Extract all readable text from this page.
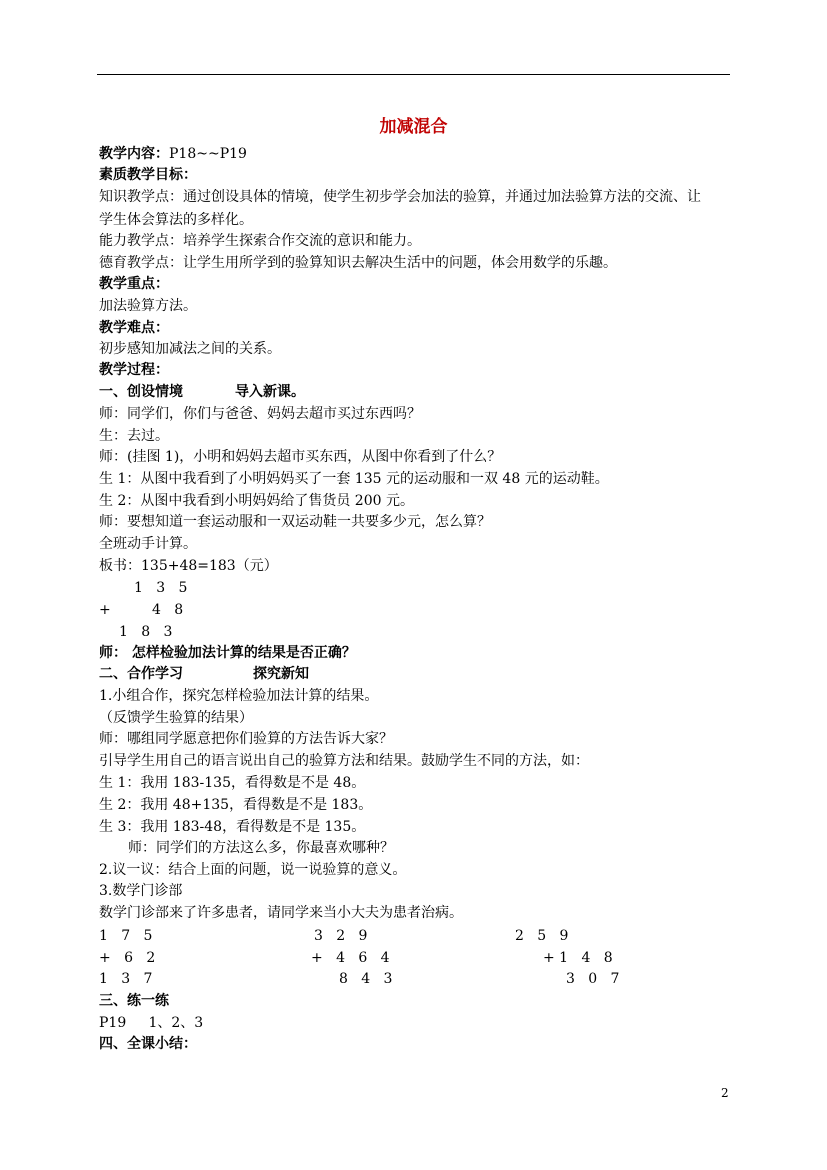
加减混合
教学内容：P18~~P19
素质教学目标：
知识教学点：通过创设具体的情境，使学生初步学会加法的验算，并通过加法验算方法的交流、让
学生体会算法的多样化。
能力教学点：培养学生探索合作交流的意识和能力。
德育教学点：让学生用所学到的验算知识去解决生活中的问题，体会用数学的乐趣。
教学重点：
加法验算方法。
教学难点：
初步感知加减法之间的关系。
教学过程：
一、创设情境	导入新课。
师：同学们，你们与爸爸、妈妈去超市买过东西吗？
生：去过。
师：(挂图 1)，小明和妈妈去超市买东西，从图中你看到了什么？
生 1：从图中我看到了小明妈妈买了一套 135 元的运动服和一双 48 元的运动鞋。
生 2：从图中我看到小明妈妈给了售货员 200 元。
师：要想知道一套运动服和一双运动鞋一共要多少元，怎么算？
全班动手计算。
板书：135+48=183（元）
1   3   5
+	4   8
1   8   3
师： 怎样检验加法计算的结果是否正确？
二、合作学习	探究新知
1.小组合作，探究怎样检验加法计算的结果。
（反馈学生验算的结果）
师：哪组同学愿意把你们验算的方法告诉大家？
引导学生用自己的语言说出自己的验算方法和结果。鼓励学生不同的方法，如：
生 1：我用 183-135，看得数是不是 48。
生 2：我用 48+135，看得数是不是 183。
生 3：我用 183-48，看得数是不是 135。
师：同学们的方法这么多，你最喜欢哪种？
2.议一议：结合上面的问题，说一说验算的意义。
3.数学门诊部
数学门诊部来了许多患者，请同学来当小大夫为患者治病。
1   7   5
+   6   2
1   3   7
3   2   9
+   4   6   4
8   4   3
2   5   9
+ 1   4   8
3   0   7
三、练一练
P19     1、2、3
四、全课小结：
2
